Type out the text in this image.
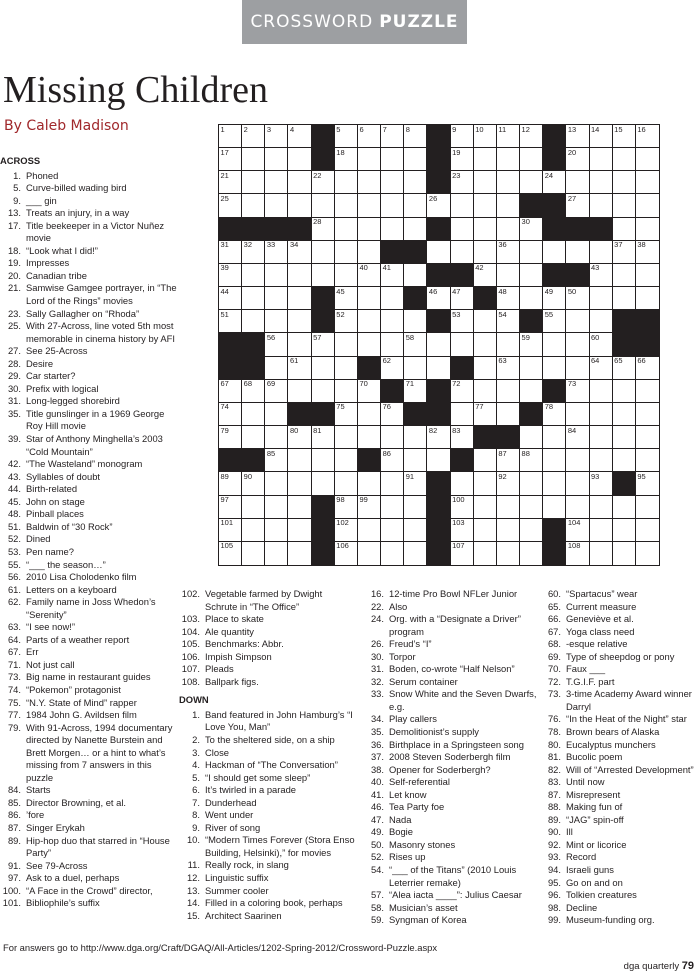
CROSSWORD PUZZLE
Missing Children
By Caleb Madison	1	2	3	4	5	6	7	8	9	10 11 12	13 14 15 16
17	18	19	20
21	22	23	24
25	26	27
28	30
31 32 33 34	36	37 38
39	40 41	42	43
44	45	46 47	48	49 50
51	52	53	54	55
56	57	58	59	60
61	62	63	64 65 66
67 68 69	70	71	72	73
74	75	76	77	78
79	80 81	82 83	84
85	86	87 88
89 90	91	92	93	95
97	98 99	100
101	102	103	104
105	106	107	108
ACROSS
1. Phoned
5. Curve-billed wading bird
9. ___ gin
13. Treats an injury, in a way
17. Title beekeeper in a Victor Nuñez movie
18. “Look what I did!”
19. Impresses
20. Canadian tribe
21. Samwise Gamgee portrayer, in “The Lord of the Rings” movies
23. Sally Gallagher on “Rhoda”
25. With 27-Across, line voted 5th most memorable in cinema history by AFI
27. See 25-Across
28. Desire
29. Car starter?
30. Prefix with logical
31. Long-legged shorebird
35. Title gunslinger in a 1969 George Roy Hill movie
39. Star of Anthony Minghella’s 2003 “Cold Mountain”
42. “The Wasteland” monogram
43. Syllables of doubt
44. Birth-related
45. John on stage
48. Pinball places
51. Baldwin of “30 Rock”
52. Dined
53. Pen name?
55. “___ the season…”
56. 2010 Lisa Cholodenko film
61. Letters on a keyboard
62. Family name in Joss Whedon’s “Serenity”
63. “I see now!”
64. Parts of a weather report
67. Err
71. Not just call
73. Big name in restaurant guides
74. “Pokemon” protagonist
75. “N.Y. State of Mind” rapper
77. 1984 John G. Avildsen film
79. With 91-Across, 1994 documentary directed by Nanette Burstein and Brett Morgen… or a hint to what’s missing from 7 answers in this puzzle
84. Starts
85. Director Browning, et al.
86. ’fore
87. Singer Erykah
89. Hip-hop duo that starred in “House Party”
91. See 79-Across
97. Ask to a duel, perhaps
100. “A Face in the Crowd” director,
101. Bibliophile’s suffix
102. Vegetable farmed by Dwight Schrute in “The Office”
103. Place to skate
104. Ale quantity
105. Benchmarks: Abbr.
106. Impish Simpson
107. Pleads
108. Ballpark figs.
DOWN
1. Band featured in John Hamburg’s “I Love You, Man”
2. To the sheltered side, on a ship
3. Close
4. Hackman of “The Conversation”
5. “I should get some sleep”
6. It’s twirled in a parade
7. Dunderhead
8. Went under
9. River of song
10. “Modern Times Forever (Stora Enso Building, Helsinki),” for movies
11. Really rock, in slang
12. Linguistic suffix
13. Summer cooler
14. Filled in a coloring book, perhaps
15. Architect Saarinen
16. 12-time Pro Bowl NFLer Junior
22. Also
24. Org. with a “Designate a Driver” program
26. Freud’s “I”
30. Torpor
31. Boden, co-wrote “Half Nelson”
32. Serum container
33. Snow White and the Seven Dwarfs, e.g.
34. Play callers
35. Demolitionist’s supply
36. Birthplace in a Springsteen song
37. 2008 Steven Soderbergh film
38. Opener for Soderbergh?
40. Self-referential
41. Let know
46. Tea Party foe
47. Nada
49. Bogie
50. Masonry stones
52. Rises up
54. “___ of the Titans” (2010 Louis Leterrier remake)
57. “Alea iacta ____”: Julius Caesar
58. Musician’s asset
59. Syngman of Korea
60. “Spartacus” wear
65. Current measure
66. Geneviève et al.
67. Yoga class need
68. -esque relative
69. Type of sheepdog or pony
70. Faux ___
72. T.G.I.F. part
73. 3-time Academy Award winner Darryl
76. “In the Heat of the Night” star
78. Brown bears of Alaska
80. Eucalyptus munchers
81. Bucolic poem
82. Will of “Arrested Development”
83. Until now
87. Misrepresent
88. Making fun of
89. “JAG” spin-off
90. Ill
92. Mint or licorice
93. Record
94. Israeli guns
95. Go on and on
96. Tolkien creatures
98. Decline
99. Museum-funding org.
For answers go to http://www.dga.org/Craft/DGAQ/All-Articles/1202-Spring-2012/Crossword-Puzzle.aspx
dga quarterly 79
